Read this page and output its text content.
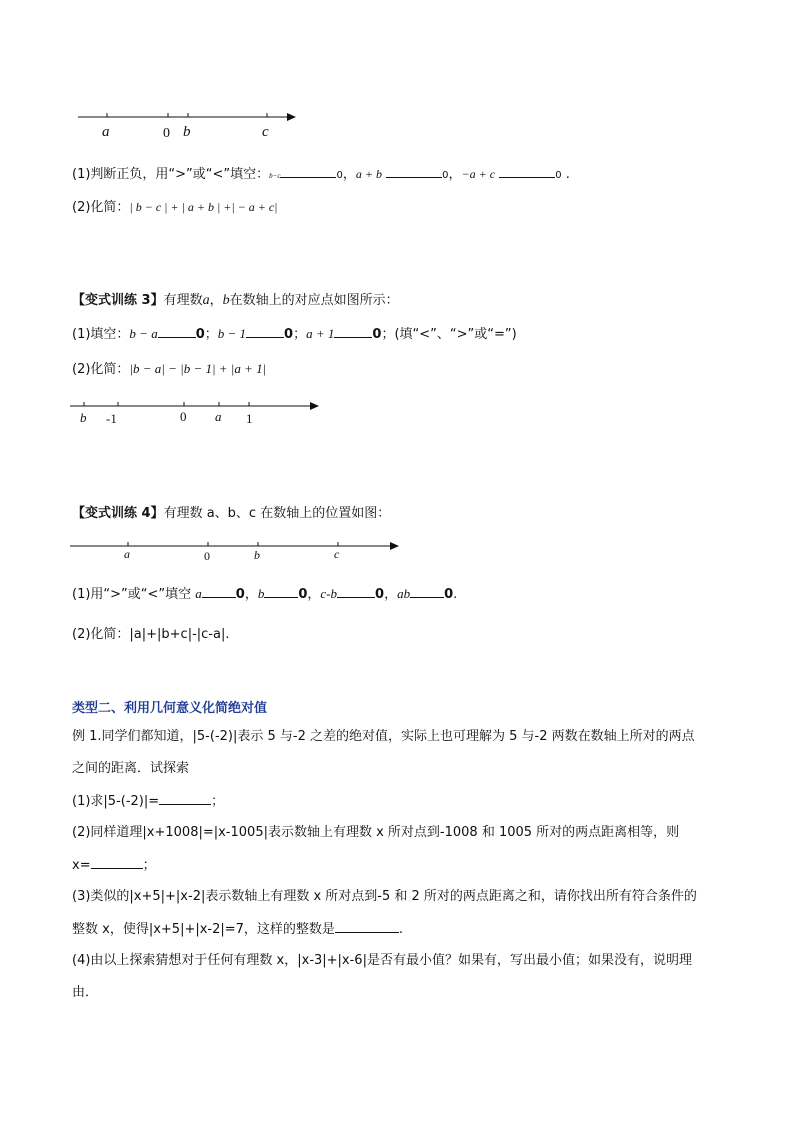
a	0 b	c
(1)判断正负，用“>”或“<”填空：b−c	0，a + b	0，−a + c	0 .
(2)化简：| b − c | + | a + b | +| − a + c|
【变式训练 3】有理数a，b在数轴上的对应点如图所示：
(1)填空：b − a	0；b − 1	0；a + 1	0；(填“<”、“>”或“=”)
(2)化简：|b − a| − |b − 1| + |a + 1|
b -1	0 a 1
【变式训练 4】有理数 a、b、c 在数轴上的位置如图：
a	0	b	c
(1)用“>”或“<”填空 a	0，b	0，c-b	0，ab	0.
(2)化简：|a|+|b+c|-|c-a|.
类型二、利用几何意义化简绝对值
例 1.同学们都知道，|5-(-2)|表示 5 与-2 之差的绝对值，实际上也可理解为 5 与-2 两数在数轴上所对的两点
之间的距离．试探索
(1)求|5-(-2)|=	；
(2)同样道理|x+1008|=|x-1005|表示数轴上有理数 x 所对点到-1008 和 1005 所对的两点距离相等，则
x=	；
(3)类似的|x+5|+|x-2|表示数轴上有理数 x 所对点到-5 和 2 所对的两点距离之和，请你找出所有符合条件的
整数 x，使得|x+5|+|x-2|=7，这样的整数是	.
(4)由以上探索猜想对于任何有理数 x，|x-3|+|x-6|是否有最小值？如果有，写出最小值；如果没有，说明理
由．
